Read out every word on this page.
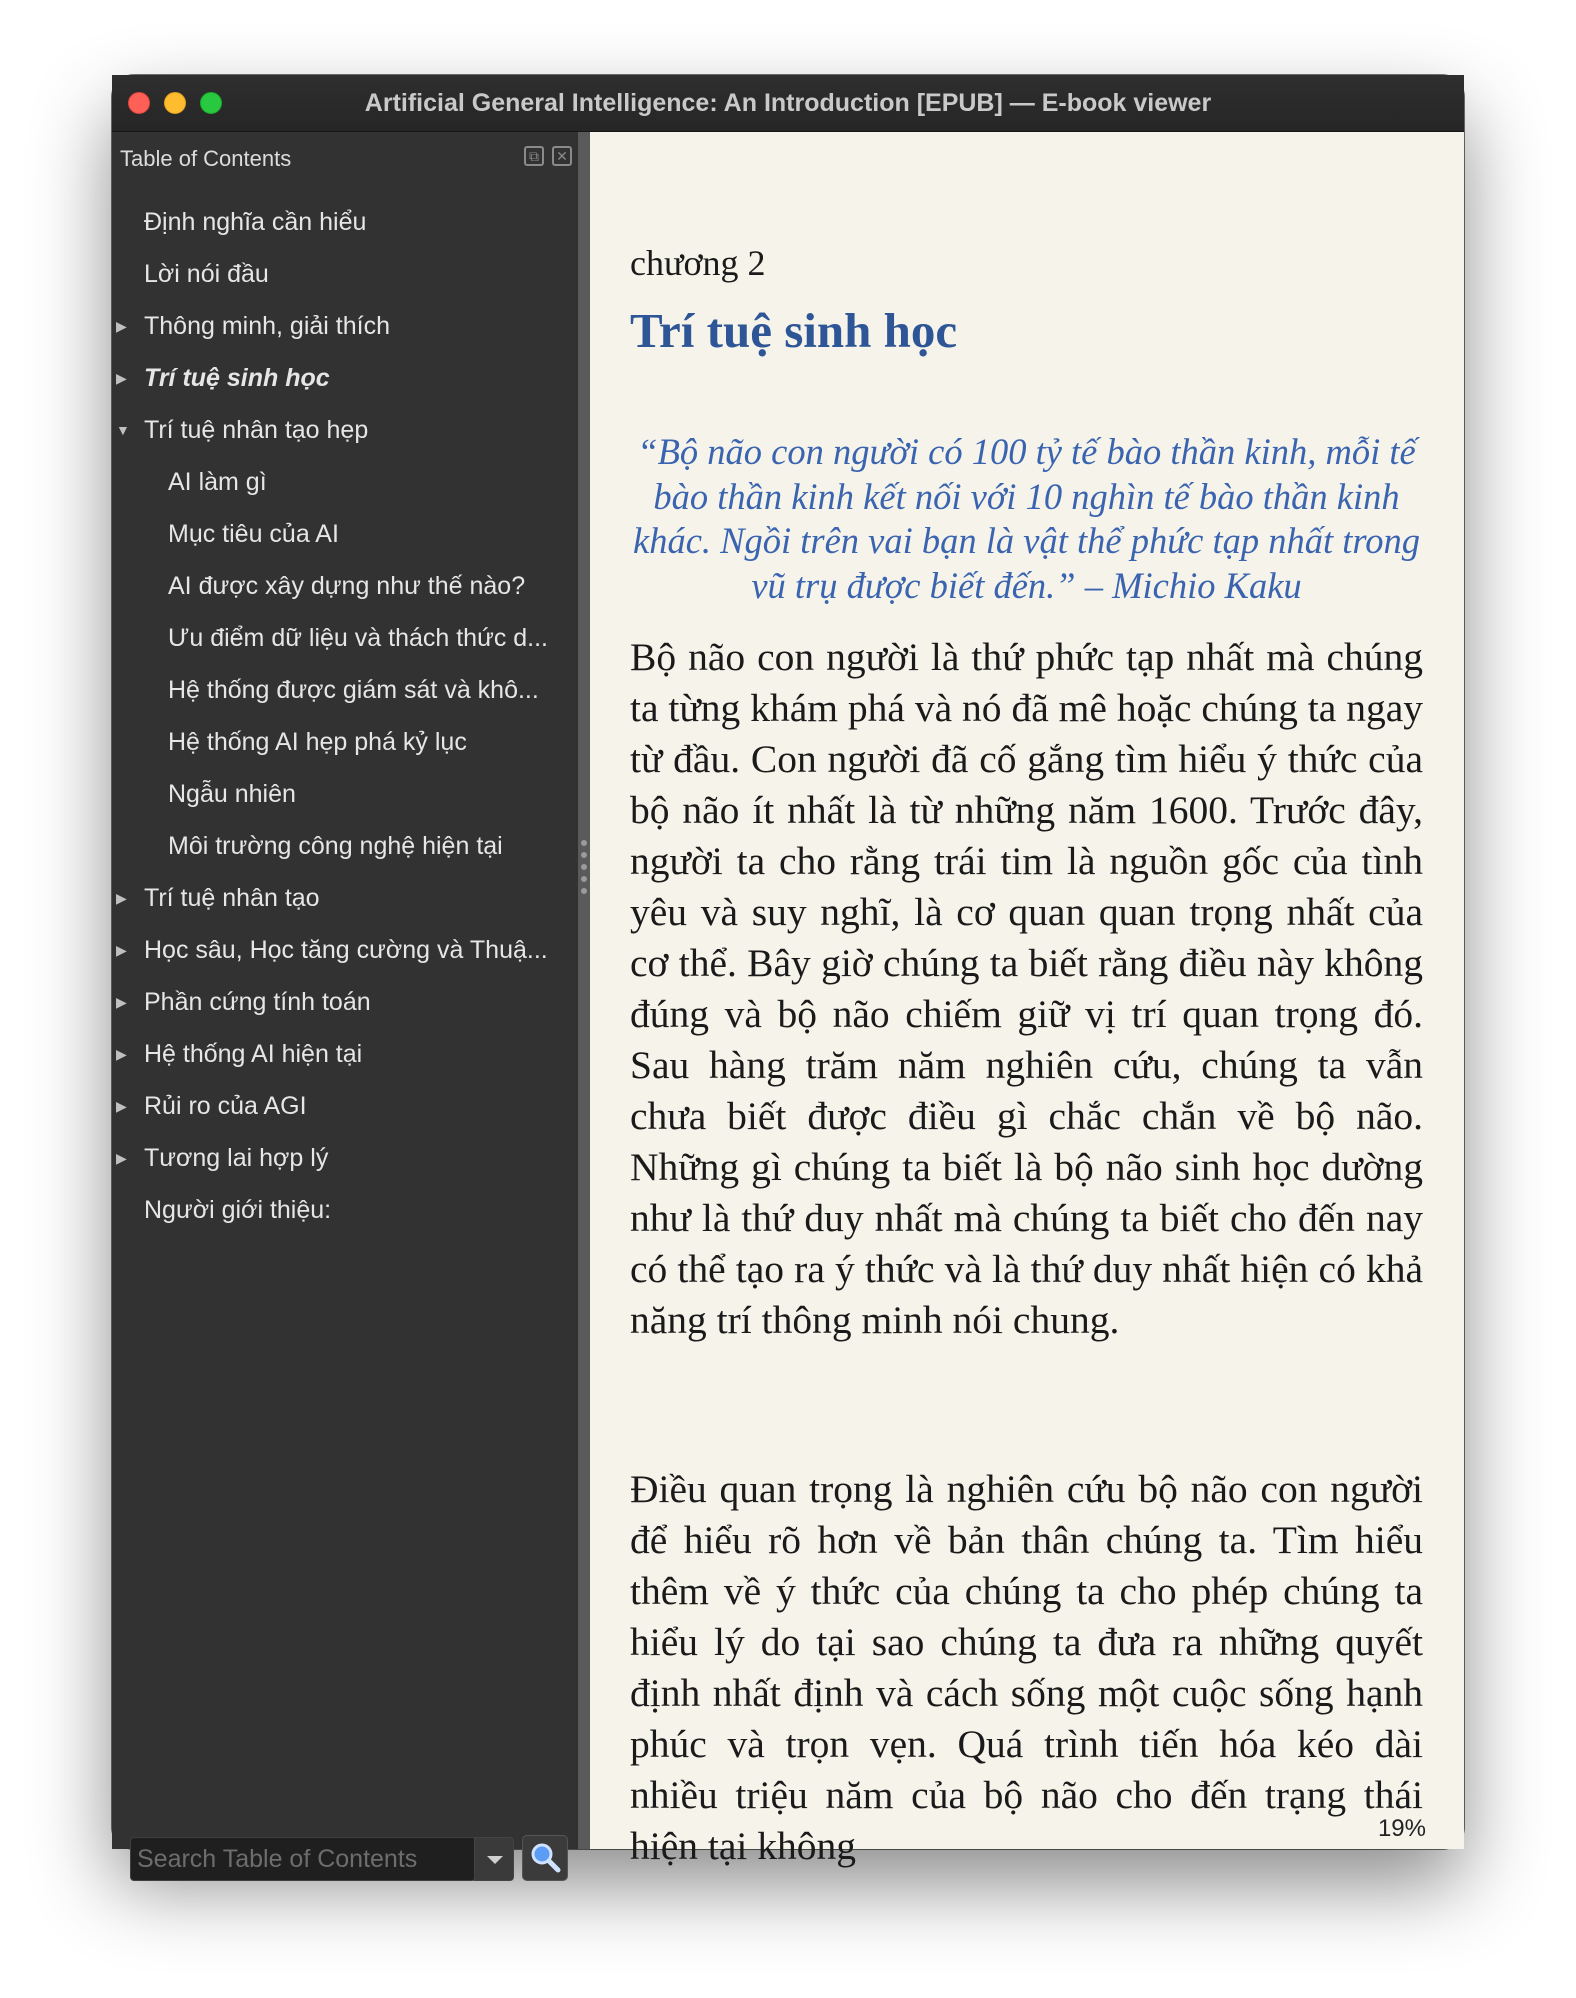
Artificial General Intelligence: An Introduction [EPUB] — E-book viewer
Table of Contents	⧉	✕
Định nghĩa cần hiểu
Lời nói đầu
▶ Thông minh, giải thích
▶ Trí tuệ sinh học
▼ Trí tuệ nhân tạo hẹp
AI làm gì
Mục tiêu của AI
AI được xây dựng như thế nào?
Ưu điểm dữ liệu và thách thức d...
Hệ thống được giám sát và khô...
Hệ thống AI hẹp phá kỷ lục
Ngẫu nhiên
Môi trường công nghệ hiện tại
▶ Trí tuệ nhân tạo
▶ Học sâu, Học tăng cường và Thuậ...
▶ Phần cứng tính toán
▶ Hệ thống AI hiện tại
▶ Rủi ro của AGI
▶ Tương lai hợp lý
Người giới thiệu:
Search Table of Contents
chương 2
Trí tuệ sinh học
“Bộ não con người có 100 tỷ tế bào thần kinh, mỗi tế bào thần kinh kết nối với 10 nghìn tế bào thần kinh khác. Ngồi trên vai bạn là vật thể phức tạp nhất trong vũ trụ được biết đến.” – Michio Kaku
Bộ não con người là thứ phức tạp nhất mà chúng ta từng khám phá và nó đã mê hoặc chúng ta ngay từ đầu. Con người đã cố gắng tìm hiểu ý thức của bộ não ít nhất là từ những năm 1600. Trước đây, người ta cho rằng trái tim là nguồn gốc của tình yêu và suy nghĩ, là cơ quan quan trọng nhất của cơ thể. Bây giờ chúng ta biết rằng điều này không đúng và bộ não chiếm giữ vị trí quan trọng đó. Sau hàng trăm năm nghiên cứu, chúng ta vẫn chưa biết được điều gì chắc chắn về bộ não. Những gì chúng ta biết là bộ não sinh học dường như là thứ duy nhất mà chúng ta biết cho đến nay có thể tạo ra ý thức và là thứ duy nhất hiện có khả năng trí thông minh nói chung.
Điều quan trọng là nghiên cứu bộ não con người để hiểu rõ hơn về bản thân chúng ta. Tìm hiểu thêm về ý thức của chúng ta cho phép chúng ta hiểu lý do tại sao chúng ta đưa ra những quyết định nhất định và cách sống một cuộc sống hạnh phúc và trọn vẹn. Quá trình tiến hóa kéo dài nhiều triệu năm của bộ não cho đến trạng thái hiện tại không	19%
